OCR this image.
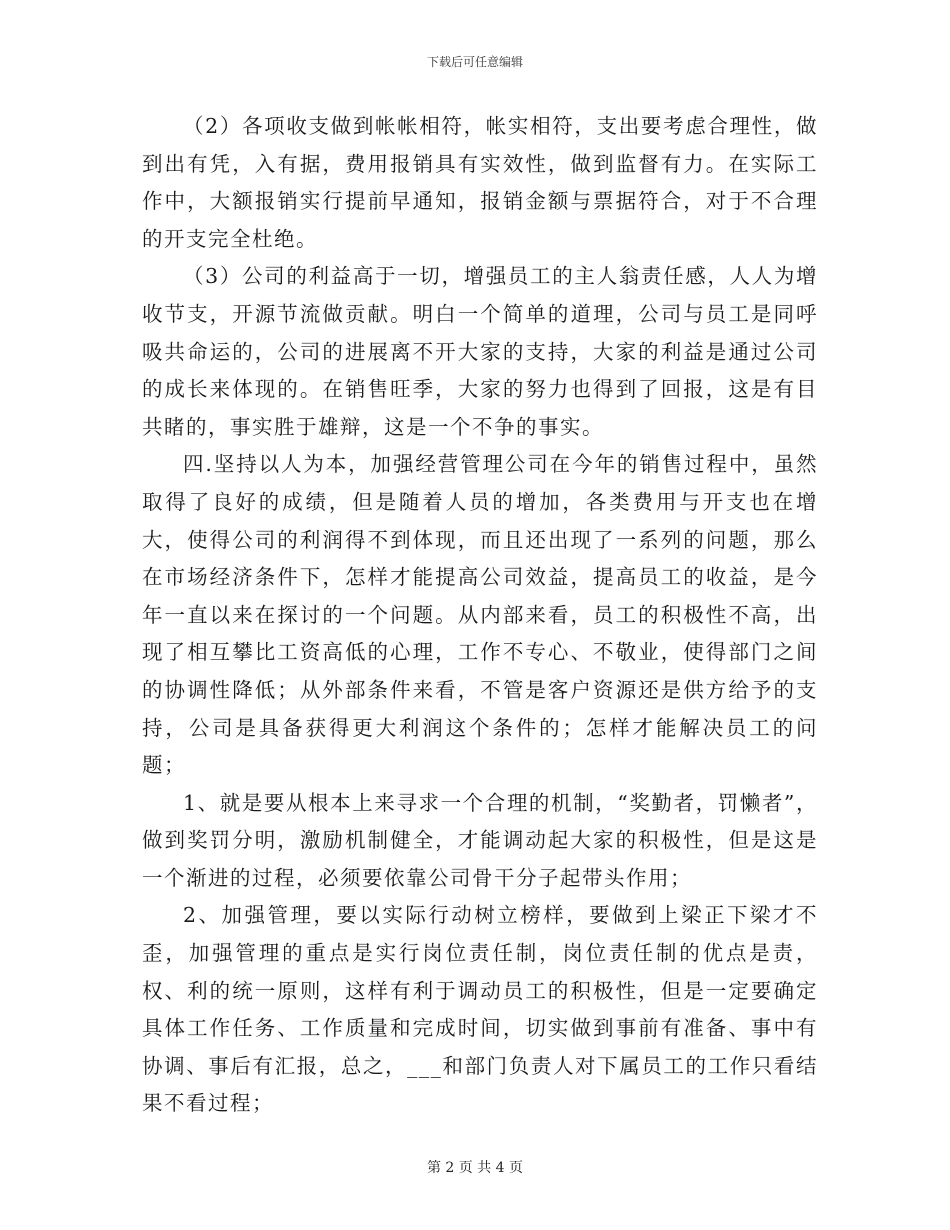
下载后可任意编辑

（2）各项收支做到帐帐相符，帐实相符，支出要考虑合理性，做到出有凭，入有据，费用报销具有实效性，做到监督有力。在实际工作中，大额报销实行提前早通知，报销金额与票据符合，对于不合理的开支完全杜绝。

（3）公司的利益高于一切，增强员工的主人翁责任感，人人为增收节支，开源节流做贡献。明白一个简单的道理，公司与员工是同呼吸共命运的，公司的进展离不开大家的支持，大家的利益是通过公司的成长来体现的。在销售旺季，大家的努力也得到了回报，这是有目共睹的，事实胜于雄辩，这是一个不争的事实。

四.坚持以人为本，加强经营管理公司在今年的销售过程中，虽然取得了良好的成绩，但是随着人员的增加，各类费用与开支也在增大，使得公司的利润得不到体现，而且还出现了一系列的问题，那么在市场经济条件下，怎样才能提高公司效益，提高员工的收益，是今年一直以来在探讨的一个问题。从内部来看，员工的积极性不高，出现了相互攀比工资高低的心理，工作不专心、不敬业，使得部门之间的协调性降低；从外部条件来看，不管是客户资源还是供方给予的支持，公司是具备获得更大利润这个条件的；怎样才能解决员工的问题；

1、就是要从根本上来寻求一个合理的机制，“奖勤者，罚懒者”，做到奖罚分明，激励机制健全，才能调动起大家的积极性，但是这是一个渐进的过程，必须要依靠公司骨干分子起带头作用；

2、加强管理，要以实际行动树立榜样，要做到上梁正下梁才不歪，加强管理的重点是实行岗位责任制，岗位责任制的优点是责，权、利的统一原则，这样有利于调动员工的积极性，但是一定要确定具体工作任务、工作质量和完成时间，切实做到事前有准备、事中有协调、事后有汇报，总之，___和部门负责人对下属员工的工作只看结果不看过程；

第 2 页 共 4 页
